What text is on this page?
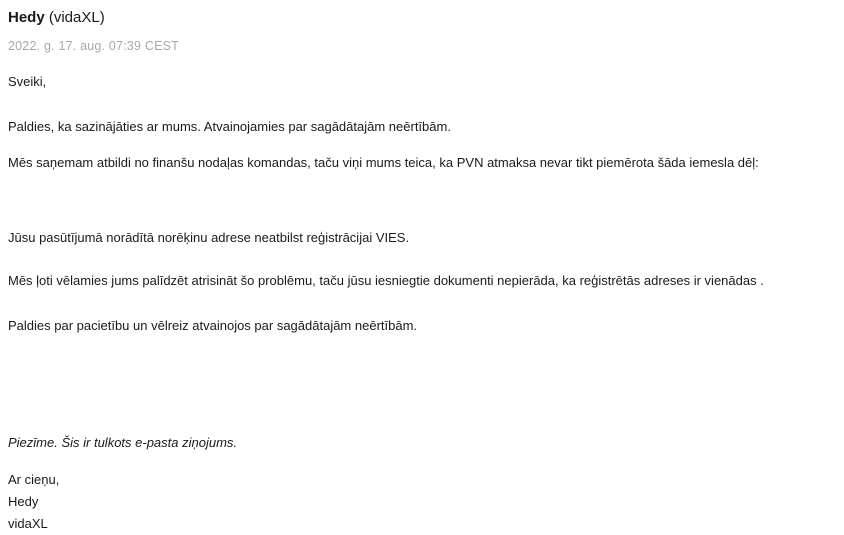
Hedy (vidaXL)
2022. g. 17. aug. 07:39 CEST
Sveiki,
Paldies, ka sazinājāties ar mums. Atvainojamies par sagādātajām neērtībām.
Mēs saņemam atbildi no finanšu nodaļas komandas, taču viņi mums teica, ka PVN atmaksa nevar tikt piemērota šāda iemesla dēļ:
Jūsu pasūtījumā norādītā norēķinu adrese neatbilst reģistrācijai VIES.
Mēs ļoti vēlamies jums palīdzēt atrisināt šo problēmu, taču jūsu iesniegtie dokumenti nepierāda, ka reģistrētās adreses ir vienādas .
Paldies par pacietību un vēlreiz atvainojos par sagādātajām neērtībām.
Piezīme. Šis ir tulkots e-pasta ziņojums.
Ar cieņu,
Hedy
vidaXL
